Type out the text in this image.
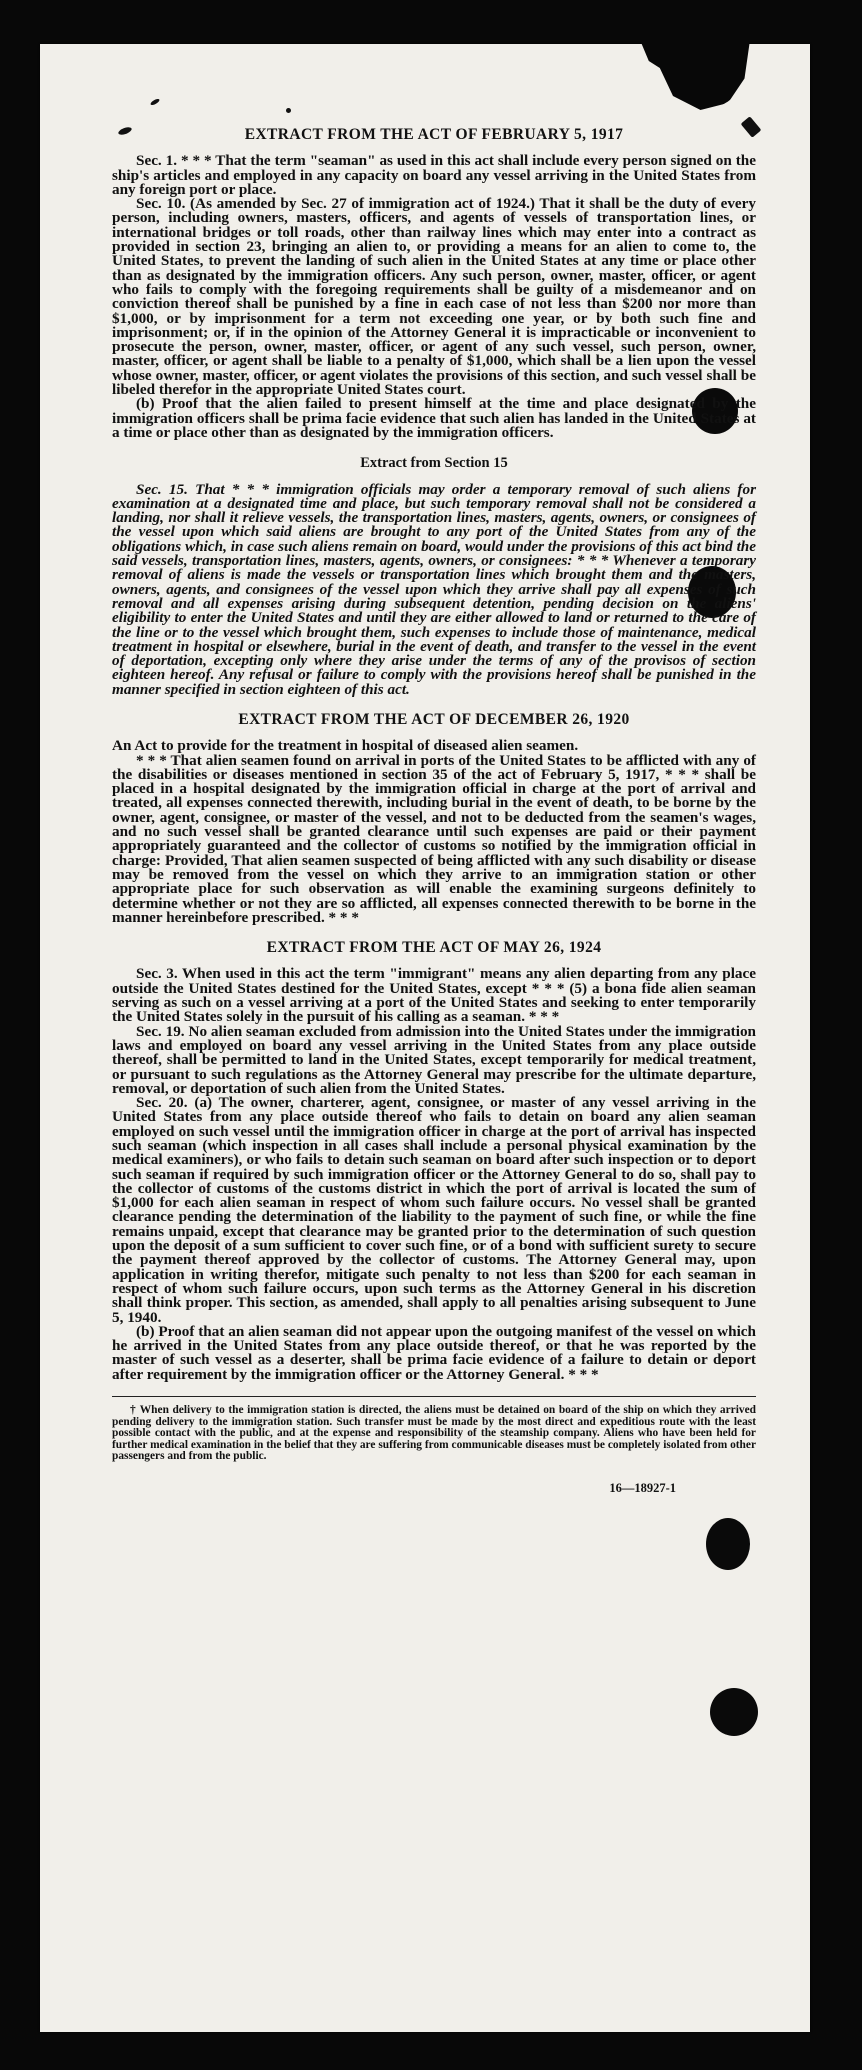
EXTRACT FROM THE ACT OF FEBRUARY 5, 1917

Sec. 1. * * * That the term "seaman" as used in this act shall include every person signed on the ship's articles and employed in any capacity on board any vessel arriving in the United States from any foreign port or place.

Sec. 10. (As amended by Sec. 27 of immigration act of 1924.) That it shall be the duty of every person, including owners, masters, officers, and agents of vessels of transportation lines, or international bridges or toll roads, other than railway lines which may enter into a contract as provided in section 23, bringing an alien to, or providing a means for an alien to come to, the United States, to prevent the landing of such alien in the United States at any time or place other than as designated by the immigration officers. Any such person, owner, master, officer, or agent who fails to comply with the foregoing requirements shall be guilty of a misdemeanor and on conviction thereof shall be punished by a fine in each case of not less than $200 nor more than $1,000, or by imprisonment for a term not exceeding one year, or by both such fine and imprisonment; or, if in the opinion of the Attorney General it is impracticable or inconvenient to prosecute the person, owner, master, officer, or agent of any such vessel, such person, owner, master, officer, or agent shall be liable to a penalty of $1,000, which shall be a lien upon the vessel whose owner, master, officer, or agent violates the provisions of this section, and such vessel shall be libeled therefor in the appropriate United States court.

(b) Proof that the alien failed to present himself at the time and place designated by the immigration officers shall be prima facie evidence that such alien has landed in the United States at a time or place other than as designated by the immigration officers.

Extract from Section 15

Sec. 15. That * * * immigration officials may order a temporary removal of such aliens for examination at a designated time and place, but such temporary removal shall not be considered a landing, nor shall it relieve vessels, the transportation lines, masters, agents, owners, or consignees of the vessel upon which said aliens are brought to any port of the United States from any of the obligations which, in case such aliens remain on board, would under the provisions of this act bind the said vessels, transportation lines, masters, agents, owners, or consignees: * * * Whenever a temporary removal of aliens is made the vessels or transportation lines which brought them and the masters, owners, agents, and consignees of the vessel upon which they arrive shall pay all expenses of such removal and all expenses arising during subsequent detention, pending decision on the aliens' eligibility to enter the United States and until they are either allowed to land or returned to the care of the line or to the vessel which brought them, such expenses to include those of maintenance, medical treatment in hospital or elsewhere, burial in the event of death, and transfer to the vessel in the event of deportation, excepting only where they arise under the terms of any of the provisos of section eighteen hereof. Any refusal or failure to comply with the provisions hereof shall be punished in the manner specified in section eighteen of this act.

EXTRACT FROM THE ACT OF DECEMBER 26, 1920

An Act to provide for the treatment in hospital of diseased alien seamen.

* * * That alien seamen found on arrival in ports of the United States to be afflicted with any of the disabilities or diseases mentioned in section 35 of the act of February 5, 1917, * * * shall be placed in a hospital designated by the immigration official in charge at the port of arrival and treated, all expenses connected therewith, including burial in the event of death, to be borne by the owner, agent, consignee, or master of the vessel, and not to be deducted from the seamen's wages, and no such vessel shall be granted clearance until such expenses are paid or their payment appropriately guaranteed and the collector of customs so notified by the immigration official in charge: Provided, That alien seamen suspected of being afflicted with any such disability or disease may be removed from the vessel on which they arrive to an immigration station or other appropriate place for such observation as will enable the examining surgeons definitely to determine whether or not they are so afflicted, all expenses connected therewith to be borne in the manner hereinbefore prescribed. * * *

EXTRACT FROM THE ACT OF MAY 26, 1924

Sec. 3. When used in this act the term "immigrant" means any alien departing from any place outside the United States destined for the United States, except * * * (5) a bona fide alien seaman serving as such on a vessel arriving at a port of the United States and seeking to enter temporarily the United States solely in the pursuit of his calling as a seaman. * * *

Sec. 19. No alien seaman excluded from admission into the United States under the immigration laws and employed on board any vessel arriving in the United States from any place outside thereof, shall be permitted to land in the United States, except temporarily for medical treatment, or pursuant to such regulations as the Attorney General may prescribe for the ultimate departure, removal, or deportation of such alien from the United States.

Sec. 20. (a) The owner, charterer, agent, consignee, or master of any vessel arriving in the United States from any place outside thereof who fails to detain on board any alien seaman employed on such vessel until the immigration officer in charge at the port of arrival has inspected such seaman (which inspection in all cases shall include a personal physical examination by the medical examiners), or who fails to detain such seaman on board after such inspection or to deport such seaman if required by such immigration officer or the Attorney General to do so, shall pay to the collector of customs of the customs district in which the port of arrival is located the sum of $1,000 for each alien seaman in respect of whom such failure occurs. No vessel shall be granted clearance pending the determination of the liability to the payment of such fine, or while the fine remains unpaid, except that clearance may be granted prior to the determination of such question upon the deposit of a sum sufficient to cover such fine, or of a bond with sufficient surety to secure the payment thereof approved by the collector of customs. The Attorney General may, upon application in writing therefor, mitigate such penalty to not less than $200 for each seaman in respect of whom such failure occurs, upon such terms as the Attorney General in his discretion shall think proper. This section, as amended, shall apply to all penalties arising subsequent to June 5, 1940.

(b) Proof that an alien seaman did not appear upon the outgoing manifest of the vessel on which he arrived in the United States from any place outside thereof, or that he was reported by the master of such vessel as a deserter, shall be prima facie evidence of a failure to detain or deport after requirement by the immigration officer or the Attorney General. * * *

† When delivery to the immigration station is directed, the aliens must be detained on board of the ship on which they arrived pending delivery to the immigration station. Such transfer must be made by the most direct and expeditious route with the least possible contact with the public, and at the expense and responsibility of the steamship company. Aliens who have been held for further medical examination in the belief that they are suffering from communicable diseases must be completely isolated from other passengers and from the public.
16—18927-1
